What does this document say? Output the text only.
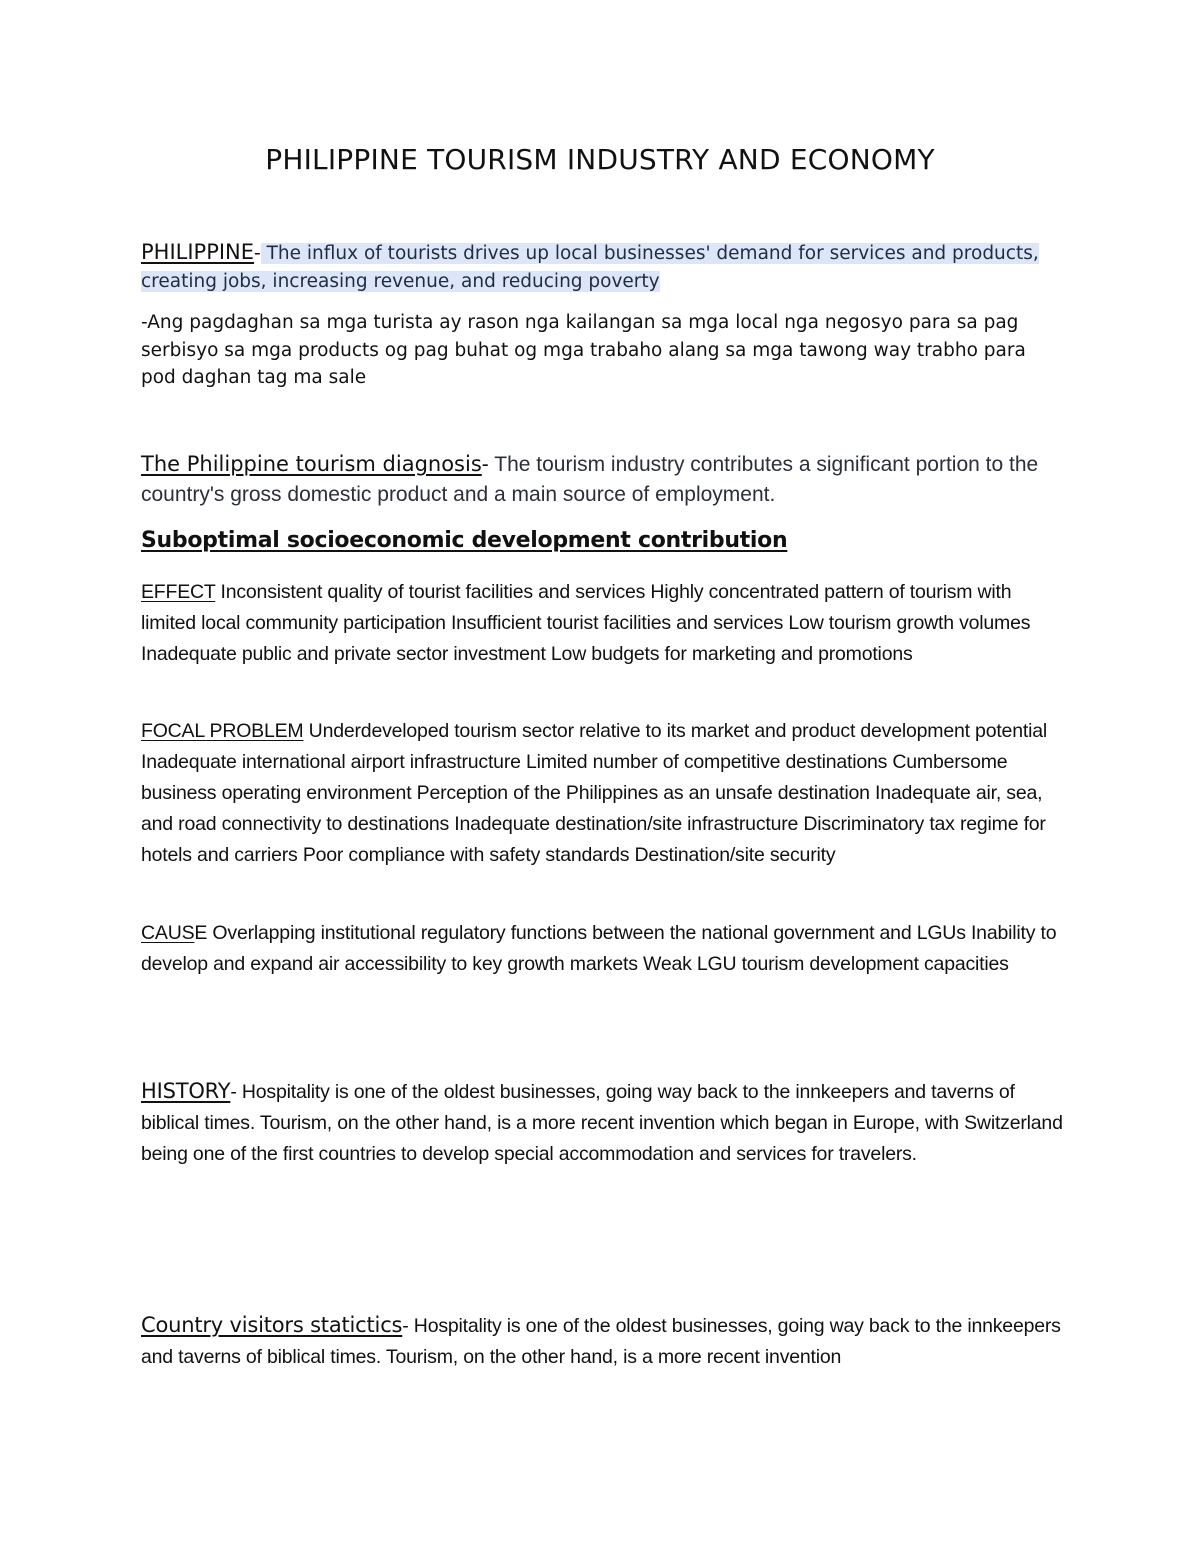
PHILIPPINE TOURISM INDUSTRY AND ECONOMY

PHILIPPINE- The influx of tourists drives up local businesses' demand for services and products, creating jobs, increasing revenue, and reducing poverty

-Ang pagdaghan sa mga turista ay rason nga kailangan sa mga local nga negosyo para sa pag serbisyo sa mga products og pag buhat og mga trabaho alang sa mga tawong way trabho para pod daghan tag ma sale

The Philippine tourism diagnosis- The tourism industry contributes a significant portion to the country's gross domestic product and a main source of employment.

Suboptimal socioeconomic development contribution

EFFECT Inconsistent quality of tourist facilities and services Highly concentrated pattern of tourism with limited local community participation Insufficient tourist facilities and services Low tourism growth volumes Inadequate public and private sector investment Low budgets for marketing and promotions

FOCAL PROBLEM Underdeveloped tourism sector relative to its market and product development potential Inadequate international airport infrastructure Limited number of competitive destinations Cumbersome business operating environment Perception of the Philippines as an unsafe destination Inadequate air, sea, and road connectivity to destinations Inadequate destination/site infrastructure Discriminatory tax regime for hotels and carriers Poor compliance with safety standards Destination/site security

CAUSE Overlapping institutional regulatory functions between the national government and LGUs Inability to develop and expand air accessibility to key growth markets Weak LGU tourism development capacities

HISTORY- Hospitality is one of the oldest businesses, going way back to the innkeepers and taverns of biblical times. Tourism, on the other hand, is a more recent invention which began in Europe, with Switzerland being one of the first countries to develop special accommodation and services for travelers.

Country visitors statictics- Hospitality is one of the oldest businesses, going way back to the innkeepers and taverns of biblical times. Tourism, on the other hand, is a more recent invention
